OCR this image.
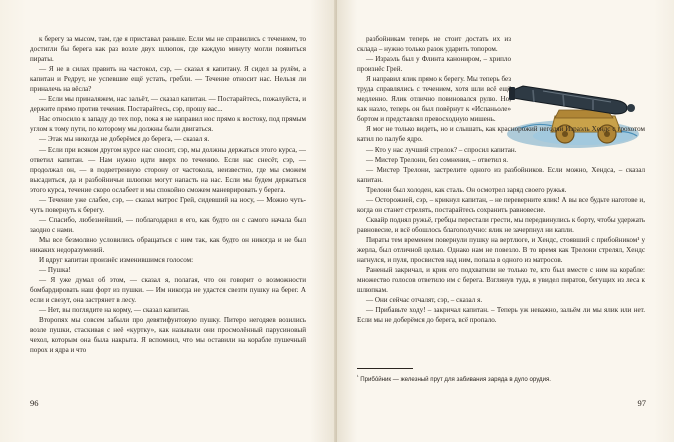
к берегу за мысом, там, где я приставал раньше. Если мы не справились с течением, то достигли бы берега как раз возле двух шлюпок, где каждую минуту могли появиться пираты.

— Я не в силах править на частокол, сэр, — сказал я капитану. Я сидел за рулём, а капитан и Редрут, не успевшие ещё устать, гребли. — Течение относит нас. Нельзя ли приналечь на вёсла?

— Если мы приналяжем, нас зальёт, — сказал капитан. — Постарайтесь, пожалуйста, и держите прямо против течения. Постарайтесь, сэр, прошу вас...

Нас относило к западу до тех пор, пока я не направил нос прямо к востоку, под прямым углом к тому пути, по которому мы должны были двигаться.

— Этак мы никогда не доберёмся до берега, — сказал я.

— Если при всяком другом курсе нас сносит, сэр, мы должны держаться этого курса, — ответил капитан. — Нам нужно идти вверх по течению. Если нас снесёт, сэр, — продолжал он, — в подветренную сторону от частокола, неизвестно, где мы сможем высадиться, да и разбойничьи шлюпки могут напасть на нас. Если мы будем держаться этого курса, течение скоро ослабеет и мы спокойно сможем маневрировать у берега.

— Течение уже слабее, сэр, — сказал матрос Грей, сидевший на носу, — Можно чуть-чуть повернуть к берегу.

— Спасибо, любезнейший, — поблагодарил я его, как будто он с самого начала был заодно с нами.

Мы все безмолвно условились обращаться с ним так, как будто он никогда и не был никаких недоразумений.

И вдруг капитан произнёс изменившимся голосом:

— Пушка!

— Я уже думал об этом, — сказал я, полагая, что он говорит о возможности бомбардировать наш форт из пушки. — Им никогда не удастся свезти пушку на берег. А если и свезут, она застрянет в лесу.

— Нет, вы поглядите на корму, — сказал капитан.

Второпях мы совсем забыли про девятифунтовую пушку. Питеро негодяев возились возле пушки, стаскивая с неё «куртку», как называли они просмолённый парусиновый чехол, которым она была накрыта. Я вспомнил, что мы оставили на корабле пушечный порох и ядра и что

96

разбойникам теперь не стоит достать их из склада – нужно только разок ударить топором.

— Израэль был у Флинта канониром, – хрипло произнёс Грей.

Я направил ялик прямо к берегу. Мы теперь без труда справлялись с течением, хотя шли всё ещё медленно. Ялик отлично повиновался рулю. Но, как назло, теперь он был повёрнут к «Испаньоле» бортом и представлял превосходную мишень.

Я мог не только видеть, но и слышать, как краснорожий негодяй Израэль Хендс с грохотом катил по палубе ядро.

— Кто у нас лучший стрелок? – спросил капитан.

— Мистер Трелони, без сомнения, – ответил я.

— Мистер Трелони, застрелите одного из разбойников. Если можно, Хендса, – сказал капитан.

Трелони был холоден, как сталь. Он осмотрел заряд своего ружья.

— Осторожней, сэр, – крикнул капитан, – не переверните ялик! А вы все будьте наготове и, когда он станет стрелять, постарайтесь сохранить равновесие.

Сквайр поднял ружьё, гребцы перестали грести, мы передвинулись к борту, чтобы удержать равновесие, и всё обошлось благополучно: ялик не зачерпнул ни капли.

Пираты тем временем повернули пушку на вертлюге, и Хендс, стоявший с прибойником¹ у жерла, был отличной целью. Однако нам не повезло. В то время как Трелони стрелял, Хендс нагнулся, и пуля, просвистев над ним, попала в одного из матросов.

Раненый закричал, и крик его подхватили не только те, кто был вместе с ним на корабле: множество голосов ответило им с берега. Взглянув туда, я увидел пиратов, бегущих из леса к шлюпкам.

— Они сейчас отчалят, сэр, – сказал я.

— Прибавьте ходу! – закричал капитан. – Теперь уж неважно, зальём ли мы ялик или нет. Если мы не доберёмся до берега, всё пропало.

$^{^1}$ Прибо́йник — железный прут для забивания заряда в дуло орудия.
97
